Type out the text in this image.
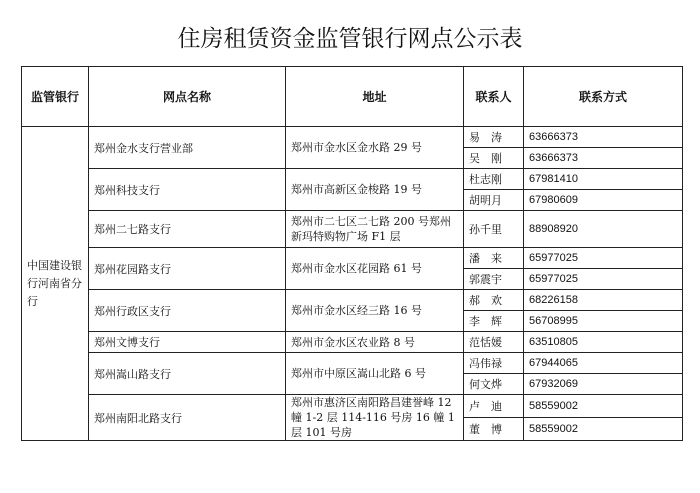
住房租赁资金监管银行网点公示表
监管银行	网点名称	地址	联系人	联系方式
中国建设银行河南省分行	郑州金水支行营业部	郑州市金水区金水路 29 号	易　涛	63666373
			吴　刚	63666373
	郑州科技支行	郑州市高新区金梭路 19 号	杜志刚	67981410
			胡明月	67980609
	郑州二七路支行	郑州市二七区二七路 200 号郑州新玛特购物广场 F1 层	孙千里	88908920
	郑州花园路支行	郑州市金水区花园路 61 号	潘　来	65977025
			郭震宇	65977025
	郑州行政区支行	郑州市金水区经三路 16 号	郝　欢	68226158
			李　辉	56708995
	郑州文博支行	郑州市金水区农业路 8 号	范恬媛	63510805
	郑州嵩山路支行	郑州市中原区嵩山北路 6 号	冯伟禄	67944065
			何文烨	67932069
	郑州南阳北路支行	郑州市惠济区南阳路昌建誉峰 12 幢 1-2 层 114-116 号房 16 幢 1 层 101 号房	卢　迪	58559002
			董　博	58559002
